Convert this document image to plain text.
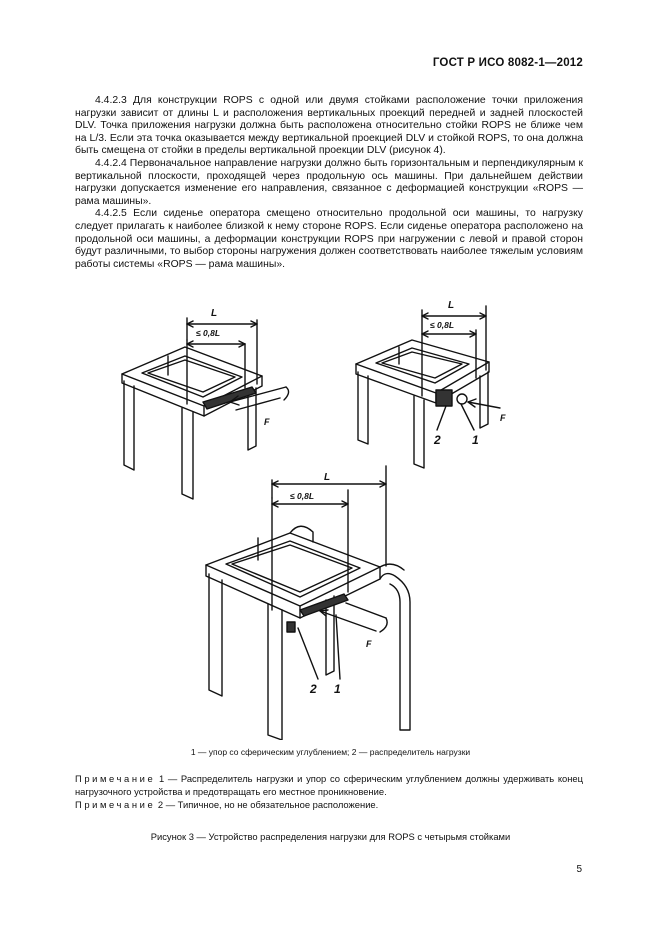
ГОСТ Р ИСО 8082-1—2012

4.4.2.3 Для конструкции ROPS с одной или двумя стойками расположение точки приложения нагрузки зависит от длины L и расположения вертикальных проекций передней и задней плоскостей DLV. Точка приложения нагрузки должна быть расположена относительно стойки ROPS не ближе чем на L/3. Если эта точка оказывается между вертикальной проекцией DLV и стойкой ROPS, то она должна быть смещена от стойки в пределы вертикальной проекции DLV (рисунок 4).

4.4.2.4 Первоначальное направление нагрузки должно быть горизонтальным и перпендикулярным к вертикальной плоскости, проходящей через продольную ось машины. При дальнейшем действии нагрузки допускается изменение его направления, связанное с деформацией конструкции «ROPS — рама машины».

4.4.2.5 Если сиденье оператора смещено относительно продольной оси машины, то нагрузку следует прилагать к наиболее близкой к нему стороне ROPS. Если сиденье оператора расположено на продольной оси машины, а деформации конструкции ROPS при нагружении с левой и правой сторон будут различными, то выбор стороны нагружения должен соответствовать наиболее тяжелым условиям работы системы «ROPS — рама машины».

L
≤ 0,8L
F
L
≤ 0,8L
F
2	1
L
≤ 0,8L
F
2 1
1 — упор со сферическим углублением; 2 — распределитель нагрузки
Примечание 1 — Распределитель нагрузки и упор со сферическим углублением должны удерживать конец нагрузочного устройства и предотвращать его местное проникновение.
Примечание 2 — Типичное, но не обязательное расположение.
Рисунок 3 — Устройство распределения нагрузки для ROPS с четырьмя стойками
5
